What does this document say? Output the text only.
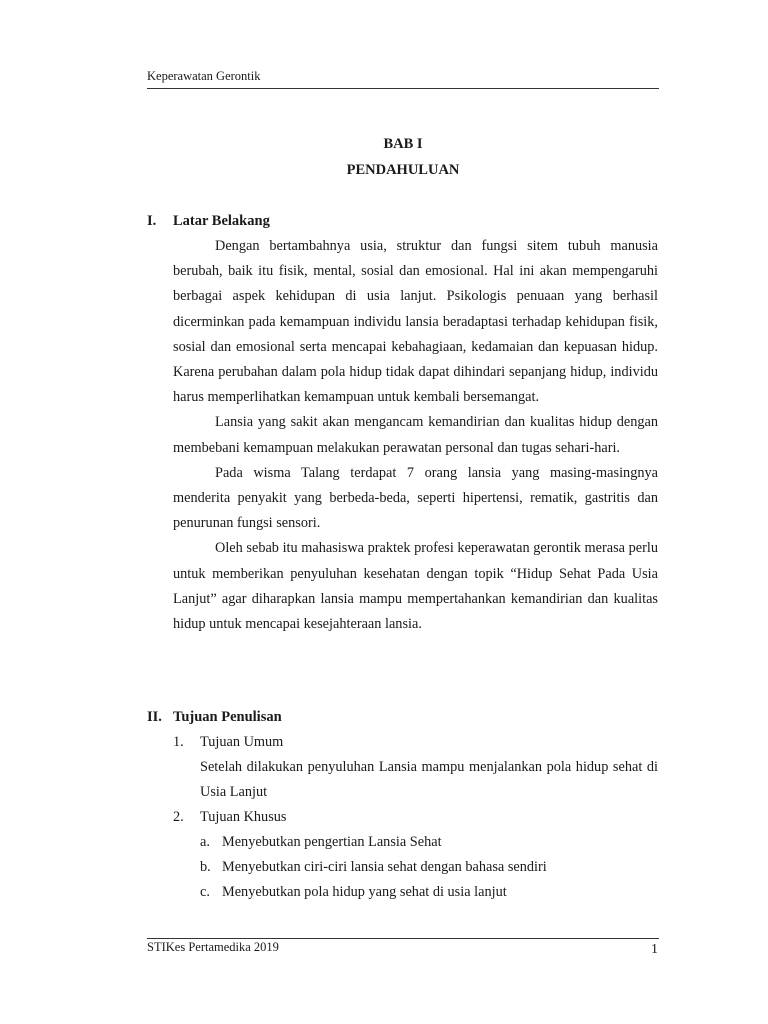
Keperawatan Gerontik
BAB I
PENDAHULUAN
I. Latar Belakang

Dengan bertambahnya usia, struktur dan fungsi sitem tubuh manusia berubah, baik itu fisik, mental, sosial dan emosional. Hal ini akan mempengaruhi berbagai aspek kehidupan di usia lanjut. Psikologis penuaan yang berhasil dicerminkan pada kemampuan individu lansia beradaptasi terhadap kehidupan fisik, sosial dan emosional serta mencapai kebahagiaan, kedamaian dan kepuasan hidup. Karena perubahan dalam pola hidup tidak dapat dihindari sepanjang hidup, individu harus memperlihatkan kemampuan untuk kembali bersemangat.

Lansia yang sakit akan mengancam kemandirian dan kualitas hidup dengan membebani kemampuan melakukan perawatan personal dan tugas sehari-hari.

Pada wisma Talang terdapat 7 orang lansia yang masing-masingnya menderita penyakit yang berbeda-beda, seperti hipertensi, rematik, gastritis dan penurunan fungsi sensori.

Oleh sebab itu mahasiswa praktek profesi keperawatan gerontik merasa perlu untuk memberikan penyuluhan kesehatan dengan topik “Hidup Sehat Pada Usia Lanjut” agar diharapkan lansia mampu mempertahankan kemandirian dan kualitas hidup untuk mencapai kesejahteraan lansia.

II. Tujuan Penulisan
1. Tujuan Umum
Setelah dilakukan penyuluhan Lansia mampu menjalankan pola hidup sehat di Usia Lanjut
2. Tujuan Khusus
a. Menyebutkan pengertian Lansia Sehat
b. Menyebutkan ciri-ciri lansia sehat dengan bahasa sendiri
c. Menyebutkan pola hidup yang sehat di usia lanjut
STIKes Pertamedika 2019	1
